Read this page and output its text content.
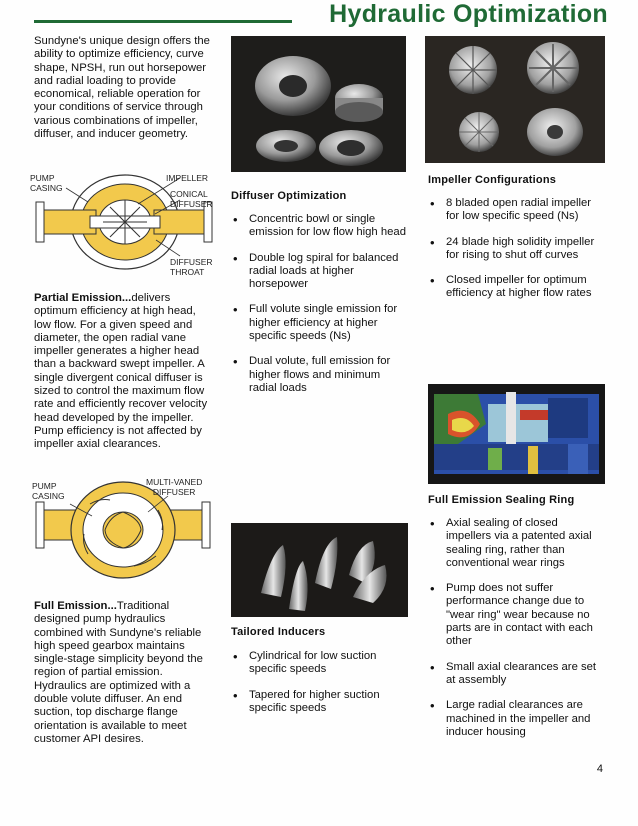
Hydraulic Optimization
Sundyne's unique design offers the ability to optimize efficiency, curve shape, NPSH, run out horsepower and radial loading to provide economical, reliable operation for your conditions of service through various combinations of impeller, diffuser, and inducer geometry.
PUMP
CASING
IMPELLER
CONICAL
DIFFUSER
DIFFUSER
THROAT
Partial Emission...delivers optimum efficiency at high head, low flow. For a given speed and diameter, the open radial vane impeller generates a higher head than a backward swept impeller. A single divergent conical diffuser is sized to control the maximum flow rate and efficiently recover velocity head developed by the impeller. Pump efficiency is not affected by impeller axial clearances.
PUMP
CASING
MULTI-VANED
DIFFUSER
Full Emission...Traditional designed pump hydraulics combined with Sundyne's reliable high speed gearbox maintains single-stage simplicity beyond the region of partial emission. Hydraulics are optimized with a double volute diffuser. An end suction, top discharge flange orientation is available to meet customer API desires.
Diffuser Optimization
• Concentric bowl or single emission for low flow high head
• Double log spiral for balanced radial loads at higher horsepower
• Full volute single emission for higher efficiency at higher specific speeds (Ns)
• Dual volute, full emission for higher flows and minimum radial loads
Impeller Configurations
• 8 bladed open radial impeller for low specific speed (Ns)
• 24 blade high solidity impeller for rising to shut off curves
• Closed impeller for optimum efficiency at higher flow rates
Full Emission Sealing Ring
• Axial sealing of closed impellers via a patented axial sealing ring, rather than conventional wear rings
• Pump does not suffer performance change due to "wear ring" wear because no parts are in contact with each other
• Small axial clearances are set at assembly
• Large radial clearances are machined in the impeller and inducer housing
Tailored Inducers
• Cylindrical for low suction specific speeds
• Tapered for higher suction specific speeds
4
